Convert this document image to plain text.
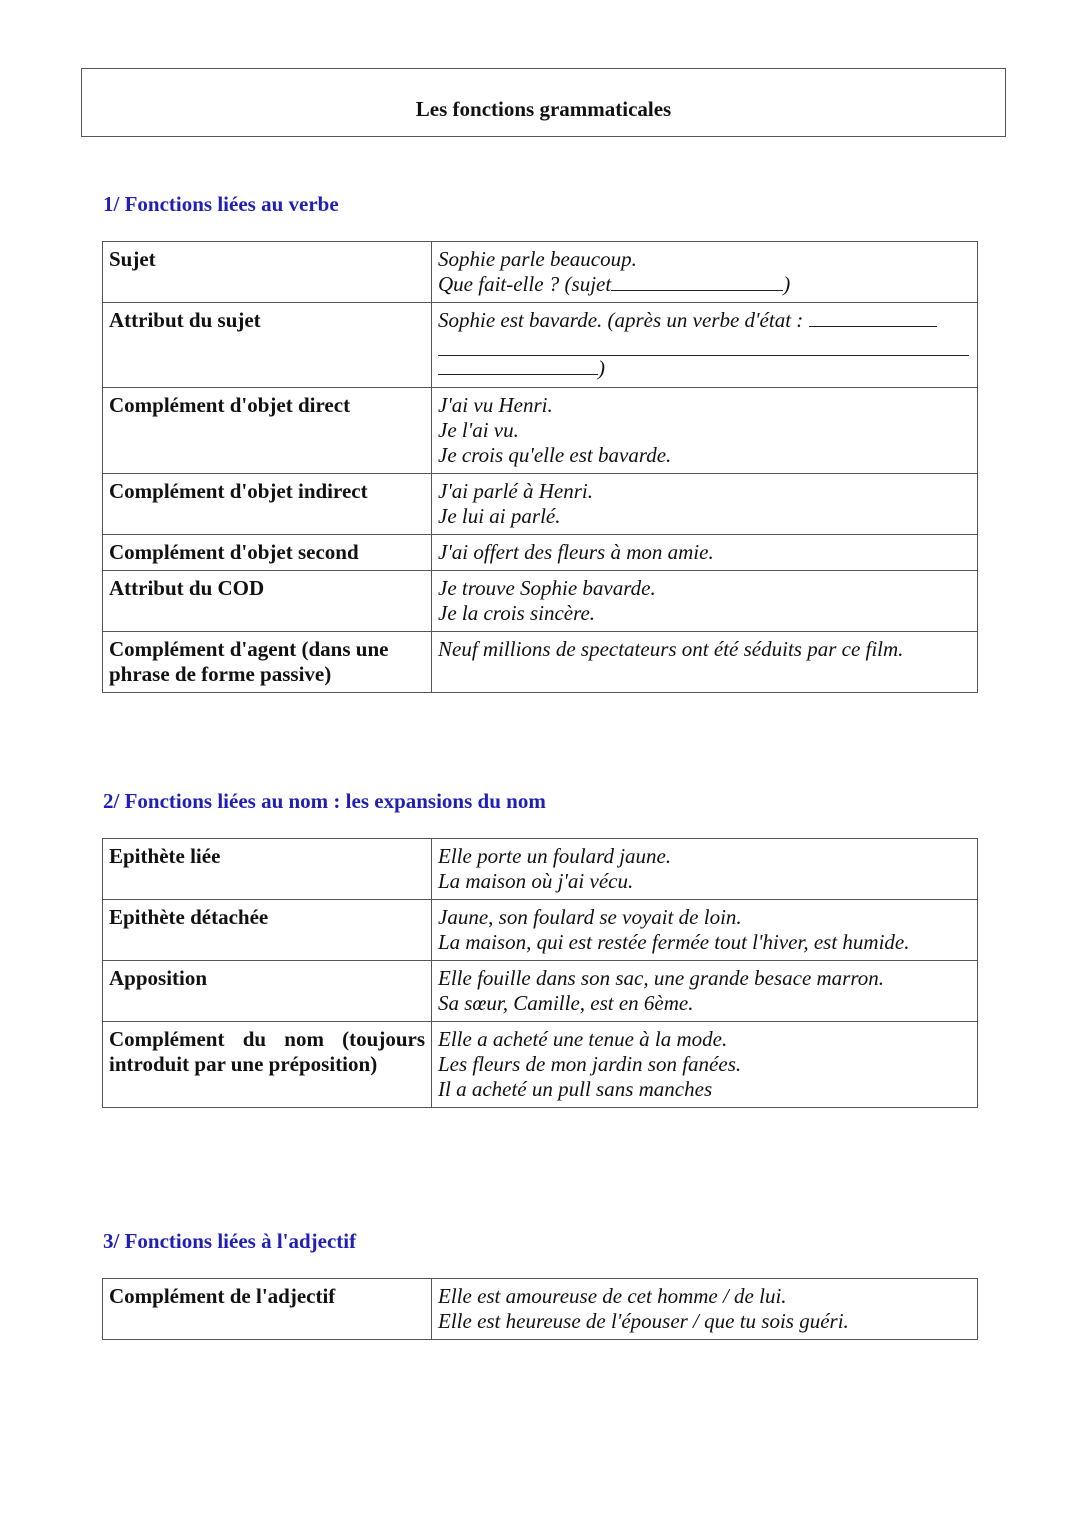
Les fonctions grammaticales
1/ Fonctions liées au verbe
Sujet	Sophie parle beaucoup.
Que fait-elle ? (sujet )

Attribut du sujet	Sophie est bavarde. (après un verbe d'état :
)

Complément d'objet direct	J'ai vu Henri.
Je l'ai vu.
Je crois qu'elle est bavarde.

Complément d'objet indirect	J'ai parlé à Henri.
Je lui ai parlé.

Complément d'objet second	J'ai offert des fleurs à mon amie.

Attribut du COD	Je trouve Sophie bavarde.
Je la crois sincère.

Complément d'agent (dans une phrase de forme passive)	Neuf millions de spectateurs ont été séduits par ce film.
2/ Fonctions liées au nom : les expansions du nom
Epithète liée	Elle porte un foulard jaune.
La maison où j'ai vécu.

Epithète détachée	Jaune, son foulard se voyait de loin.
La maison, qui est restée fermée tout l'hiver, est humide.

Apposition	Elle fouille dans son sac, une grande besace marron.
Sa sœur, Camille, est en 6ème.

Complément du nom (toujours introduit par une préposition)	Elle a acheté une tenue à la mode.
Les fleurs de mon jardin son fanées.
Il a acheté un pull sans manches
3/ Fonctions liées à l'adjectif
Complément de l'adjectif	Elle est amoureuse de cet homme / de lui.
Elle est heureuse de l'épouser / que tu sois guéri.
